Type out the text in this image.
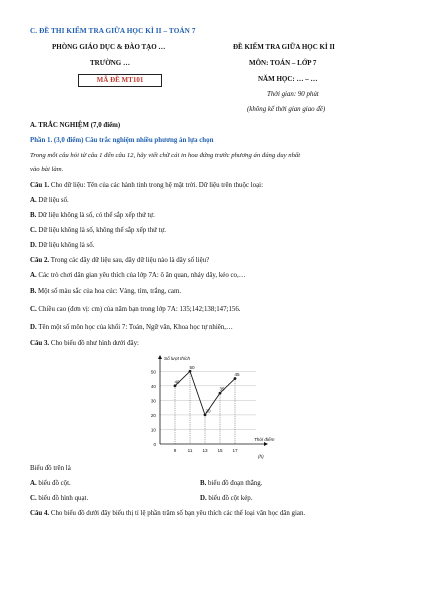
C. ĐỀ THI KIỂM TRA GIỮA HỌC KÌ II – TOÁN 7
PHÒNG GIÁO DỤC & ĐÀO TẠO …
TRƯỜNG …
MÃ ĐỀ MT101
ĐỀ KIỂM TRA GIỮA HỌC KÌ II
MÔN: TOÁN – LỚP 7
NĂM HỌC: … – …
Thời gian: 90 phút
(không kể thời gian giao đề)
A. TRẮC NGHIỆM (7,0 điểm)
Phần 1. (3,0 điểm) Câu trắc nghiệm nhiều phương án lựa chọn
Trong mỗi câu hỏi từ câu 1 đến câu 12, hãy viết chữ cái in hoa đứng trước phương án đúng duy nhất
vào bài làm.
Câu 1. Cho dữ liệu: Tên của các hành tinh trong hệ mặt trời. Dữ liệu trên thuộc loại:
A. Dữ liệu số.
B. Dữ liệu không là số, có thể sắp xếp thứ tự.
C. Dữ liệu không là số, không thể sắp xếp thứ tự.
D. Dữ liệu không là số.
Câu 2. Trong các dãy dữ liệu sau, dãy dữ liệu nào là dãy số liệu?
A. Các trò chơi dân gian yêu thích của lớp 7A: ô ăn quan, nhảy dây, kéo co,…
B. Một số màu sắc của hoa cúc: Vàng, tím, trắng, cam.
C. Chiều cao (đơn vị: cm) của năm bạn trong lớp 7A: 135;142;138;147;156.
D. Tên một số môn học của khối 7: Toán, Ngữ văn, Khoa học tự nhiên,…
Câu 3. Cho biểu đồ như hình dưới đây:
0
10
20
30
40
50
9 11 13 15 17
Số lượt thích
Thời điểm
(h)
40
50
20
35
45
Biểu đồ trên là
A. biểu đồ cột.	B. biểu đồ đoạn thẳng.
C. biểu đồ hình quạt.	D. biểu đồ cột kép.
Câu 4. Cho biểu đồ dưới đây biểu thị tỉ lệ phần trăm số bạn yêu thích các thể loại văn học dân gian.
